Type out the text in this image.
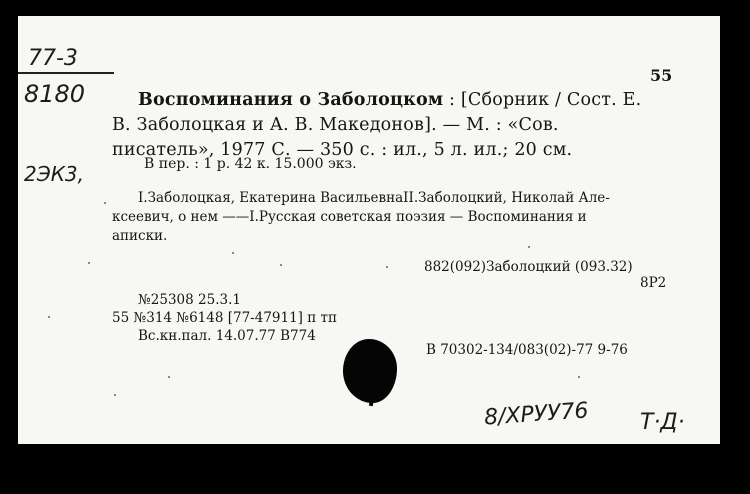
77-3
8180
2ЭК3,
55
Воспоминания о Заболоцком : [Сборник / Сост. Е.
В. Заболоцкая и А. В. Македонов]. — М. : «Сов.
писатель», 1977 С. — 350 с. : ил., 5 л. ил.; 20 см.
В пер. : 1 р. 42 к. 15.000 экз.
I.Заболоцкая, Екатерина ВасильевнаII.Заболоцкий, Николай Але-
ксеевич, о нем ——I.Русская советская поэзия — Воспоминания и
аписки.
882(092)Заболоцкий (093.32)
8Р2
№25308 25.3.1
55 №314 №6148 [77-47911] п тп
Вс.кн.пал. 14.07.77 В774
В 70302-134/083(02)-77 9-76
8/ХРУУ76 Т·Д·
